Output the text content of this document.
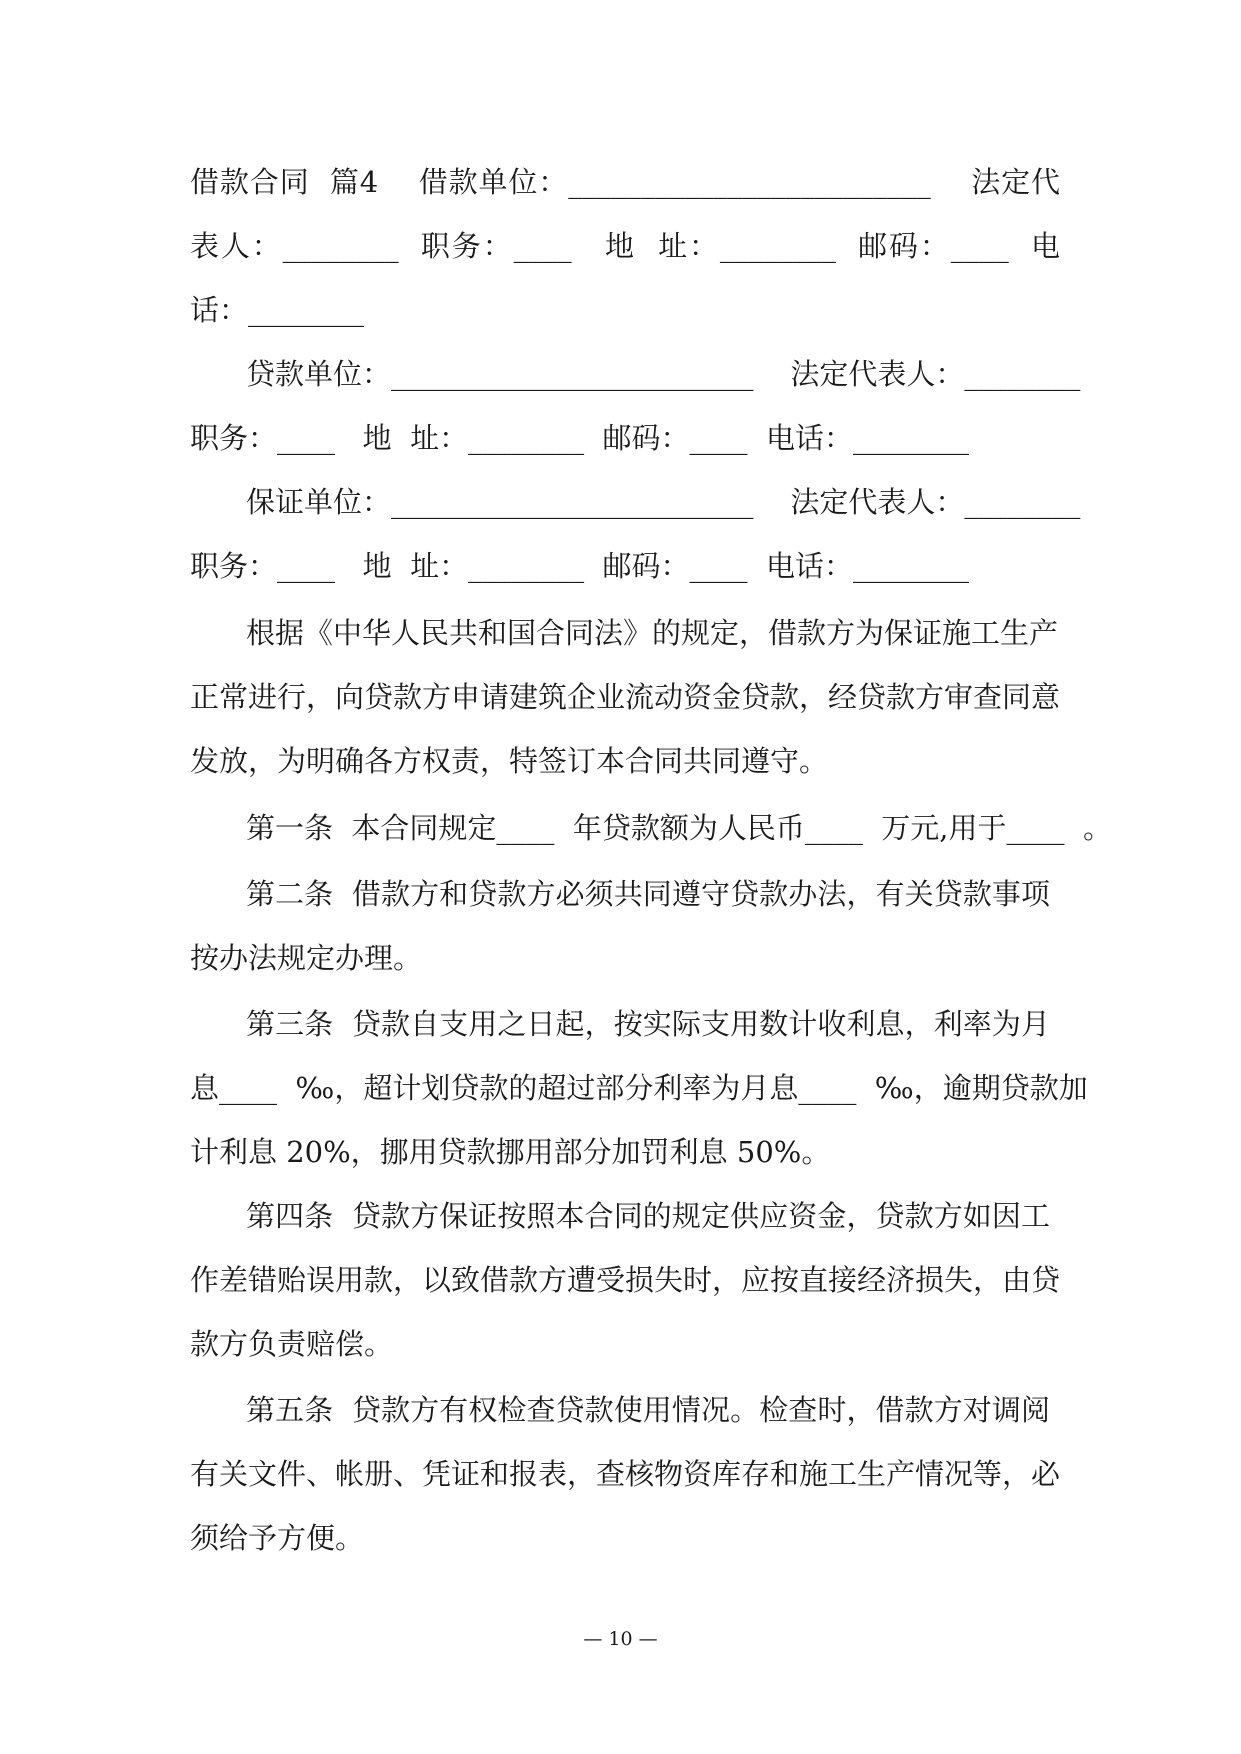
借款合同  篇4    借款单位：_________________________    法定代
表人：________  职务：____   地  址：________  邮码：____  电
话：________
贷款单位：_________________________    法定代表人：________
职务：____   地  址：________  邮码：____  电话：________
保证单位：_________________________    法定代表人：________
职务：____   地  址：________  邮码：____  电话：________
根据《中华人民共和国合同法》的规定，借款方为保证施工生产
正常进行，向贷款方申请建筑企业流动资金贷款，经贷款方审查同意
发放，为明确各方权责，特签订本合同共同遵守。
第一条  本合同规定____  年贷款额为人民币____  万元,用于____  。
第二条  借款方和贷款方必须共同遵守贷款办法，有关贷款事项
按办法规定办理。
第三条  贷款自支用之日起，按实际支用数计收利息，利率为月
息____  ‰，超计划贷款的超过部分利率为月息____  ‰，逾期贷款加
计利息 20%，挪用贷款挪用部分加罚利息 50%。
第四条  贷款方保证按照本合同的规定供应资金，贷款方如因工
作差错贻误用款，以致借款方遭受损失时，应按直接经济损失，由贷
款方负责赔偿。
第五条  贷款方有权检查贷款使用情况。检查时，借款方对调阅
有关文件、帐册、凭证和报表，查核物资库存和施工生产情况等，必
须给予方便。
— 10 —
